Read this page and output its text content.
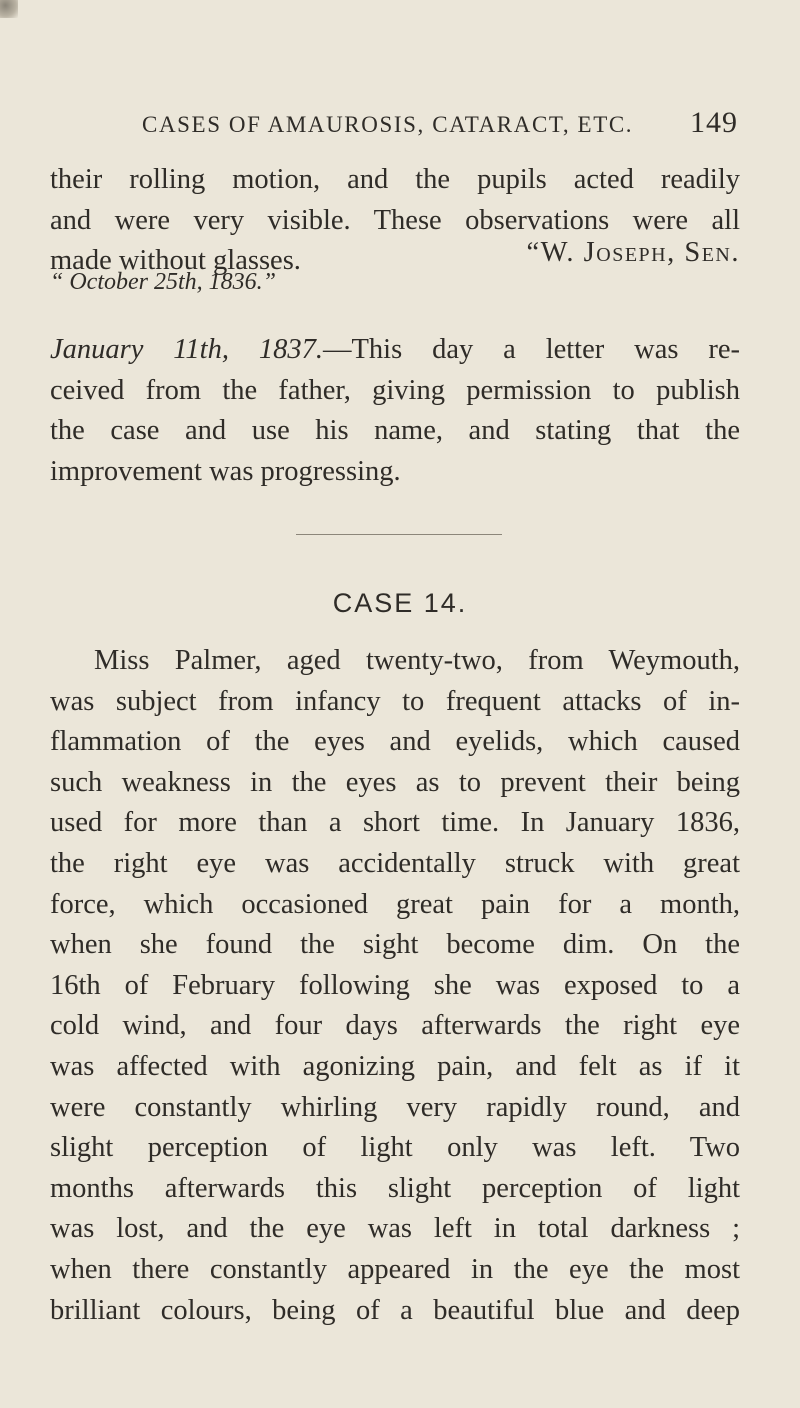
CASES OF AMAUROSIS, CATARACT, ETC. 149
their rolling motion, and the pupils acted readily
and were very visible. These observations were all
made without glasses.	“W. Joseph, Sen.
“ October 25th, 1836.”
January 11th, 1837.—This day a letter was re-
ceived from the father, giving permission to publish
the case and use his name, and stating that the
improvement was progressing.
CASE 14.
Miss Palmer, aged twenty-two, from Weymouth,
was subject from infancy to frequent attacks of in-
flammation of the eyes and eyelids, which caused
such weakness in the eyes as to prevent their being
used for more than a short time. In January 1836,
the right eye was accidentally struck with great
force, which occasioned great pain for a month,
when she found the sight become dim. On the
16th of February following she was exposed to a
cold wind, and four days afterwards the right eye
was affected with agonizing pain, and felt as if it
were constantly whirling very rapidly round, and
slight perception of light only was left. Two
months afterwards this slight perception of light
was lost, and the eye was left in total darkness ;
when there constantly appeared in the eye the most
brilliant colours, being of a beautiful blue and deep
